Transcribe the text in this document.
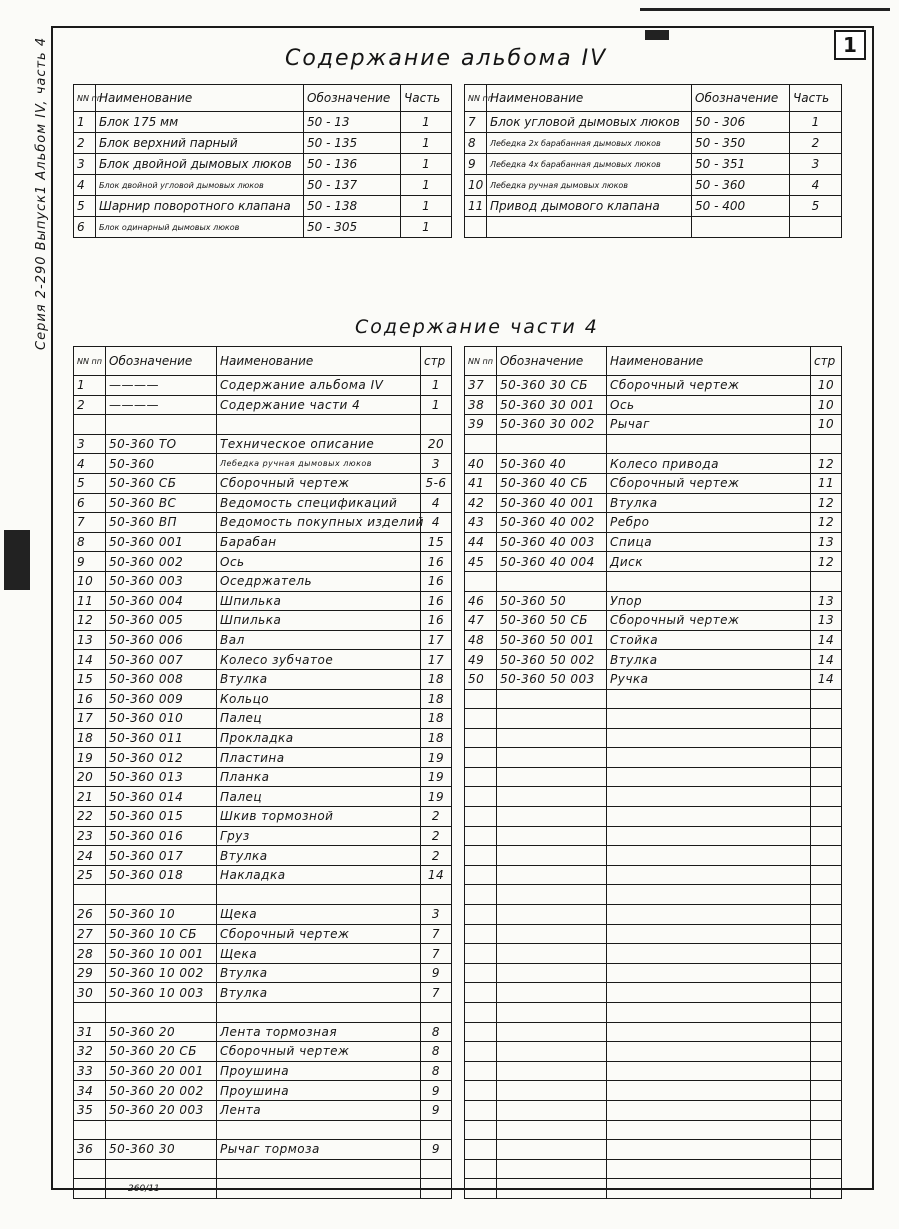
1
Серия 2-290 Выпуск1 Альбом IV, часть 4	Содержание альбома IV
NN пп	Наименование	Обозначение	Часть
1	Блок 175 мм	50 - 13	1
2	Блок верхний парный	50 - 135	1
3	Блок двойной дымовых люков	50 - 136	1
4	Блок двойной угловой дымовых люков	50 - 137	1
5	Шарнир поворотного клапана	50 - 138	1
6	Блок одинарный дымовых люков	50 - 305	1
NN пп	Наименование	Обозначение	Часть
7	Блок угловой дымовых люков	50 - 306	1
8	Лебедка 2х барабанная дымовых люков	50 - 350	2
9	Лебедка 4х барабанная дымовых люков	50 - 351	3
10	Лебедка ручная дымовых люков	50 - 360	4
11	Привод дымового клапана	50 - 400	5

Содержание части 4
NN пп	Обозначение	Наименование	стр
1	————	Содержание альбома IV	1
2	————	Содержание части 4	1

3	50-360 ТО	Техническое описание	20
4	50-360	Лебедка ручная дымовых люков	3
5	50-360 СБ	Сборочный чертеж	5-6
6	50-360 ВС	Ведомость спецификаций	4
7	50-360 ВП	Ведомость покупных изделий	4
8	50-360 001	Барабан	15
9	50-360 002	Ось	16
10	50-360 003	Оседржатель	16
11	50-360 004	Шпилька	16
12	50-360 005	Шпилька	16
13	50-360 006	Вал	17
14	50-360 007	Колесо зубчатое	17
15	50-360 008	Втулка	18
16	50-360 009	Кольцо	18
17	50-360 010	Палец	18
18	50-360 011	Прокладка	18
19	50-360 012	Пластина	19
20	50-360 013	Планка	19
21	50-360 014	Палец	19
22	50-360 015	Шкив тормозной	2
23	50-360 016	Груз	2
24	50-360 017	Втулка	2
25	50-360 018	Накладка	14

26	50-360 10	Щека	3
27	50-360 10 СБ	Сборочный чертеж	7
28	50-360 10 001	Щека	7
29	50-360 10 002	Втулка	9
30	50-360 10 003	Втулка	7

31	50-360 20	Лента тормозная	8
32	50-360 20 СБ	Сборочный чертеж	8
33	50-360 20 001	Проушина	8
34	50-360 20 002	Проушина	9
35	50-360 20 003	Лента	9

36	50-360 30	Рычаг тормоза	9

NN пп	Обозначение	Наименование	стр
37	50-360 30 СБ	Сборочный чертеж	10
38	50-360 30 001	Ось	10
39	50-360 30 002	Рычаг	10

40	50-360 40	Колесо привода	12
41	50-360 40 СБ	Сборочный чертеж	11
42	50-360 40 001	Втулка	12
43	50-360 40 002	Ребро	12
44	50-360 40 003	Спица	13
45	50-360 40 004	Диск	12

46	50-360 50	Упор	13
47	50-360 50 СБ	Сборочный чертеж	13
48	50-360 50 001	Стойка	14
49	50-360 50 002	Втулка	14
50	50-360 50 003	Ручка	14

260/11
